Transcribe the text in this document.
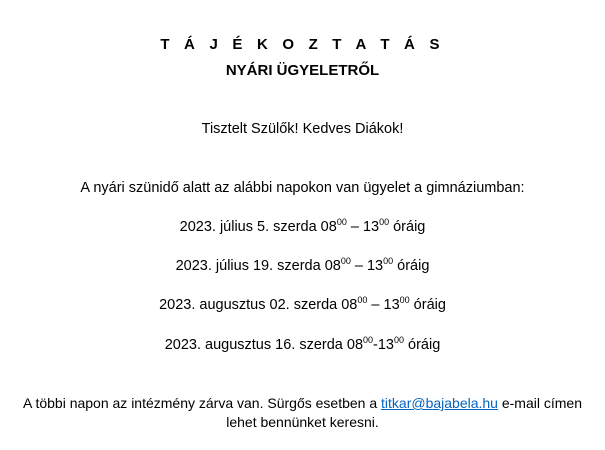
T Á J É K O Z T A T Á S
NYÁRI ÜGYELETRŐL
Tisztelt Szülők! Kedves Diákok!
A nyári szünidő alatt az alábbi napokon van ügyelet a gimnáziumban:
2023. július 5. szerda $08^{00} - 13^{00}$ óráig
2023. július 19. szerda $08^{00} - 13^{00}$ óráig
2023. augusztus 02. szerda $08^{00} - 13^{00}$ óráig
2023. augusztus 16. szerda $08^{00}-13^{00}$ óráig
A többi napon az intézmény zárva van. Sürgős esetben a titkar@bajabela.hu e-mail címen
lehet bennünket keresni.
